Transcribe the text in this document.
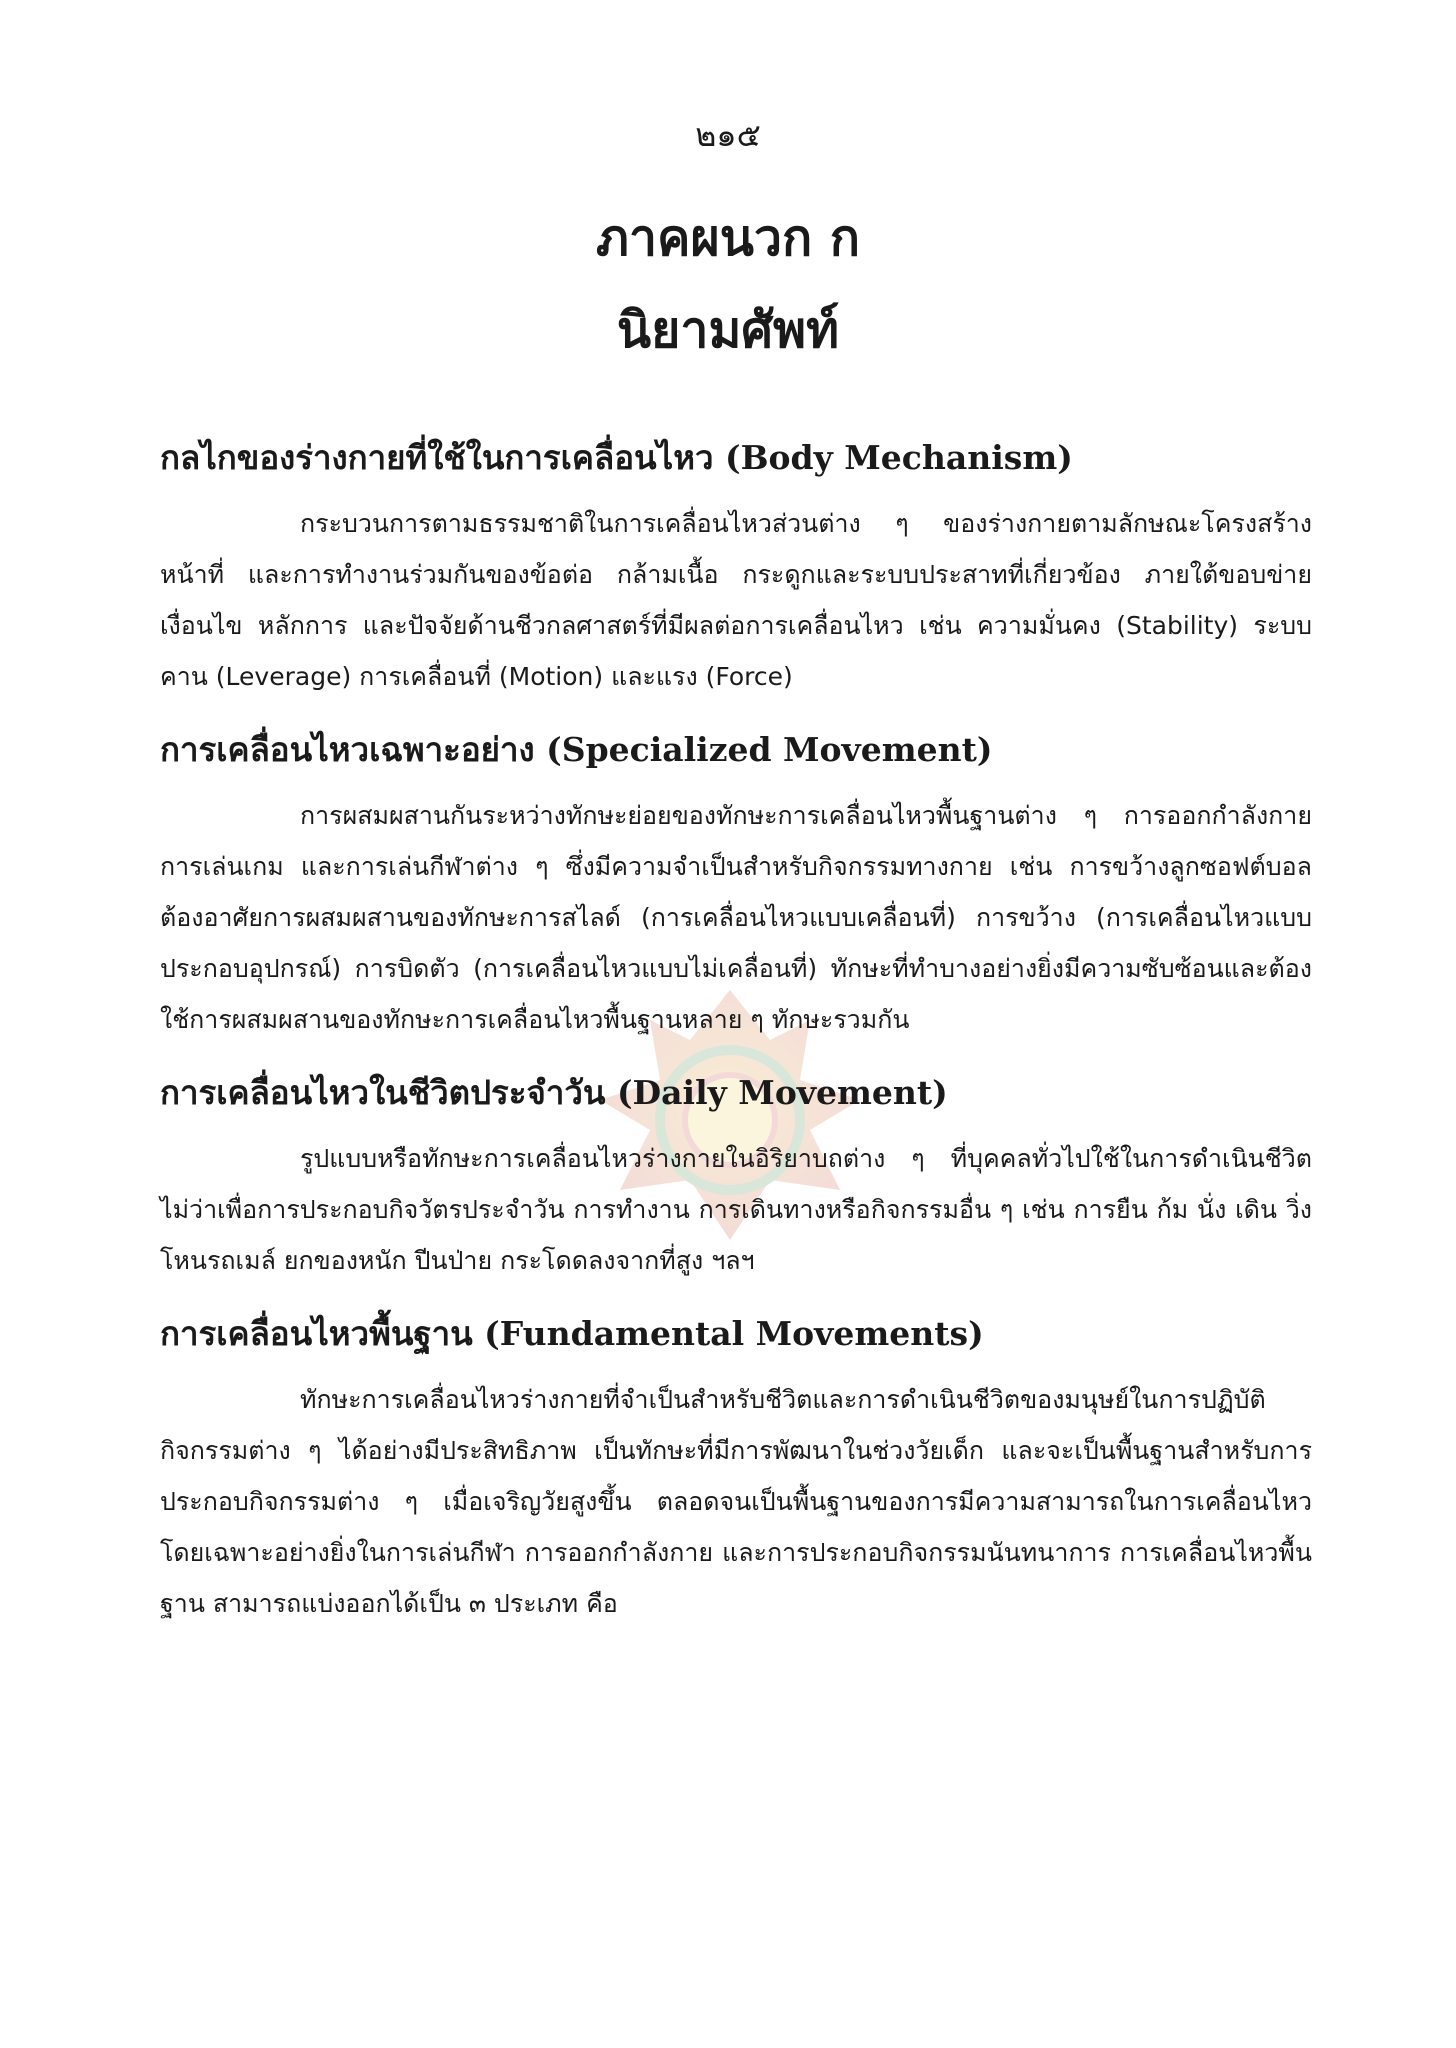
๒๑๕
ภาคผนวก ก
นิยามศัพท์
กลไกของร่างกายที่ใช้ในการเคลื่อนไหว (Body Mechanism)

กระบวนการตามธรรมชาติในการเคลื่อนไหวส่วนต่าง ๆ ของร่างกายตามลักษณะโครงสร้าง หน้าที่ และการทำงานร่วมกันของข้อต่อ กล้ามเนื้อ กระดูกและระบบประสาทที่เกี่ยวข้อง ภายใต้ขอบข่าย เงื่อนไข หลักการ และปัจจัยด้านชีวกลศาสตร์ที่มีผลต่อการเคลื่อนไหว เช่น ความมั่นคง (Stability) ระบบคาน (Leverage) การเคลื่อนที่ (Motion) และแรง (Force)

การเคลื่อนไหวเฉพาะอย่าง (Specialized Movement)

การผสมผสานกันระหว่างทักษะย่อยของทักษะการเคลื่อนไหวพื้นฐานต่าง ๆ การออกกำลังกาย การเล่นเกม และการเล่นกีฬาต่าง ๆ ซึ่งมีความจำเป็นสำหรับกิจกรรมทางกาย เช่น การขว้างลูกซอฟต์บอล ต้องอาศัยการผสมผสานของทักษะการสไลด์ (การเคลื่อนไหวแบบเคลื่อนที่) การขว้าง (การเคลื่อนไหวแบบประกอบอุปกรณ์) การบิดตัว (การเคลื่อนไหวแบบไม่เคลื่อนที่) ทักษะที่ทำบางอย่างยิ่งมีความซับซ้อนและต้องใช้การผสมผสานของทักษะการเคลื่อนไหวพื้นฐานหลาย ๆ ทักษะรวมกัน

การเคลื่อนไหวในชีวิตประจำวัน (Daily Movement)

รูปแบบหรือทักษะการเคลื่อนไหวร่างกายในอิริยาบถต่าง ๆ ที่บุคคลทั่วไปใช้ในการดำเนินชีวิต ไม่ว่าเพื่อการประกอบกิจวัตรประจำวัน การทำงาน การเดินทางหรือกิจกรรมอื่น ๆ เช่น การยืน ก้ม นั่ง เดิน วิ่ง โหนรถเมล์ ยกของหนัก ปีนป่าย กระโดดลงจากที่สูง ฯลฯ

การเคลื่อนไหวพื้นฐาน (Fundamental Movements)

ทักษะการเคลื่อนไหวร่างกายที่จำเป็นสำหรับชีวิตและการดำเนินชีวิตของมนุษย์ในการปฏิบัติกิจกรรมต่าง ๆ ได้อย่างมีประสิทธิภาพ เป็นทักษะที่มีการพัฒนาในช่วงวัยเด็ก และจะเป็นพื้นฐานสำหรับการประกอบกิจกรรมต่าง ๆ เมื่อเจริญวัยสูงขึ้น ตลอดจนเป็นพื้นฐานของการมีความสามารถในการเคลื่อนไหว โดยเฉพาะอย่างยิ่งในการเล่นกีฬา การออกกำลังกาย และการประกอบกิจกรรมนันทนาการ การเคลื่อนไหวพื้นฐาน สามารถแบ่งออกได้เป็น ๓ ประเภท คือ
